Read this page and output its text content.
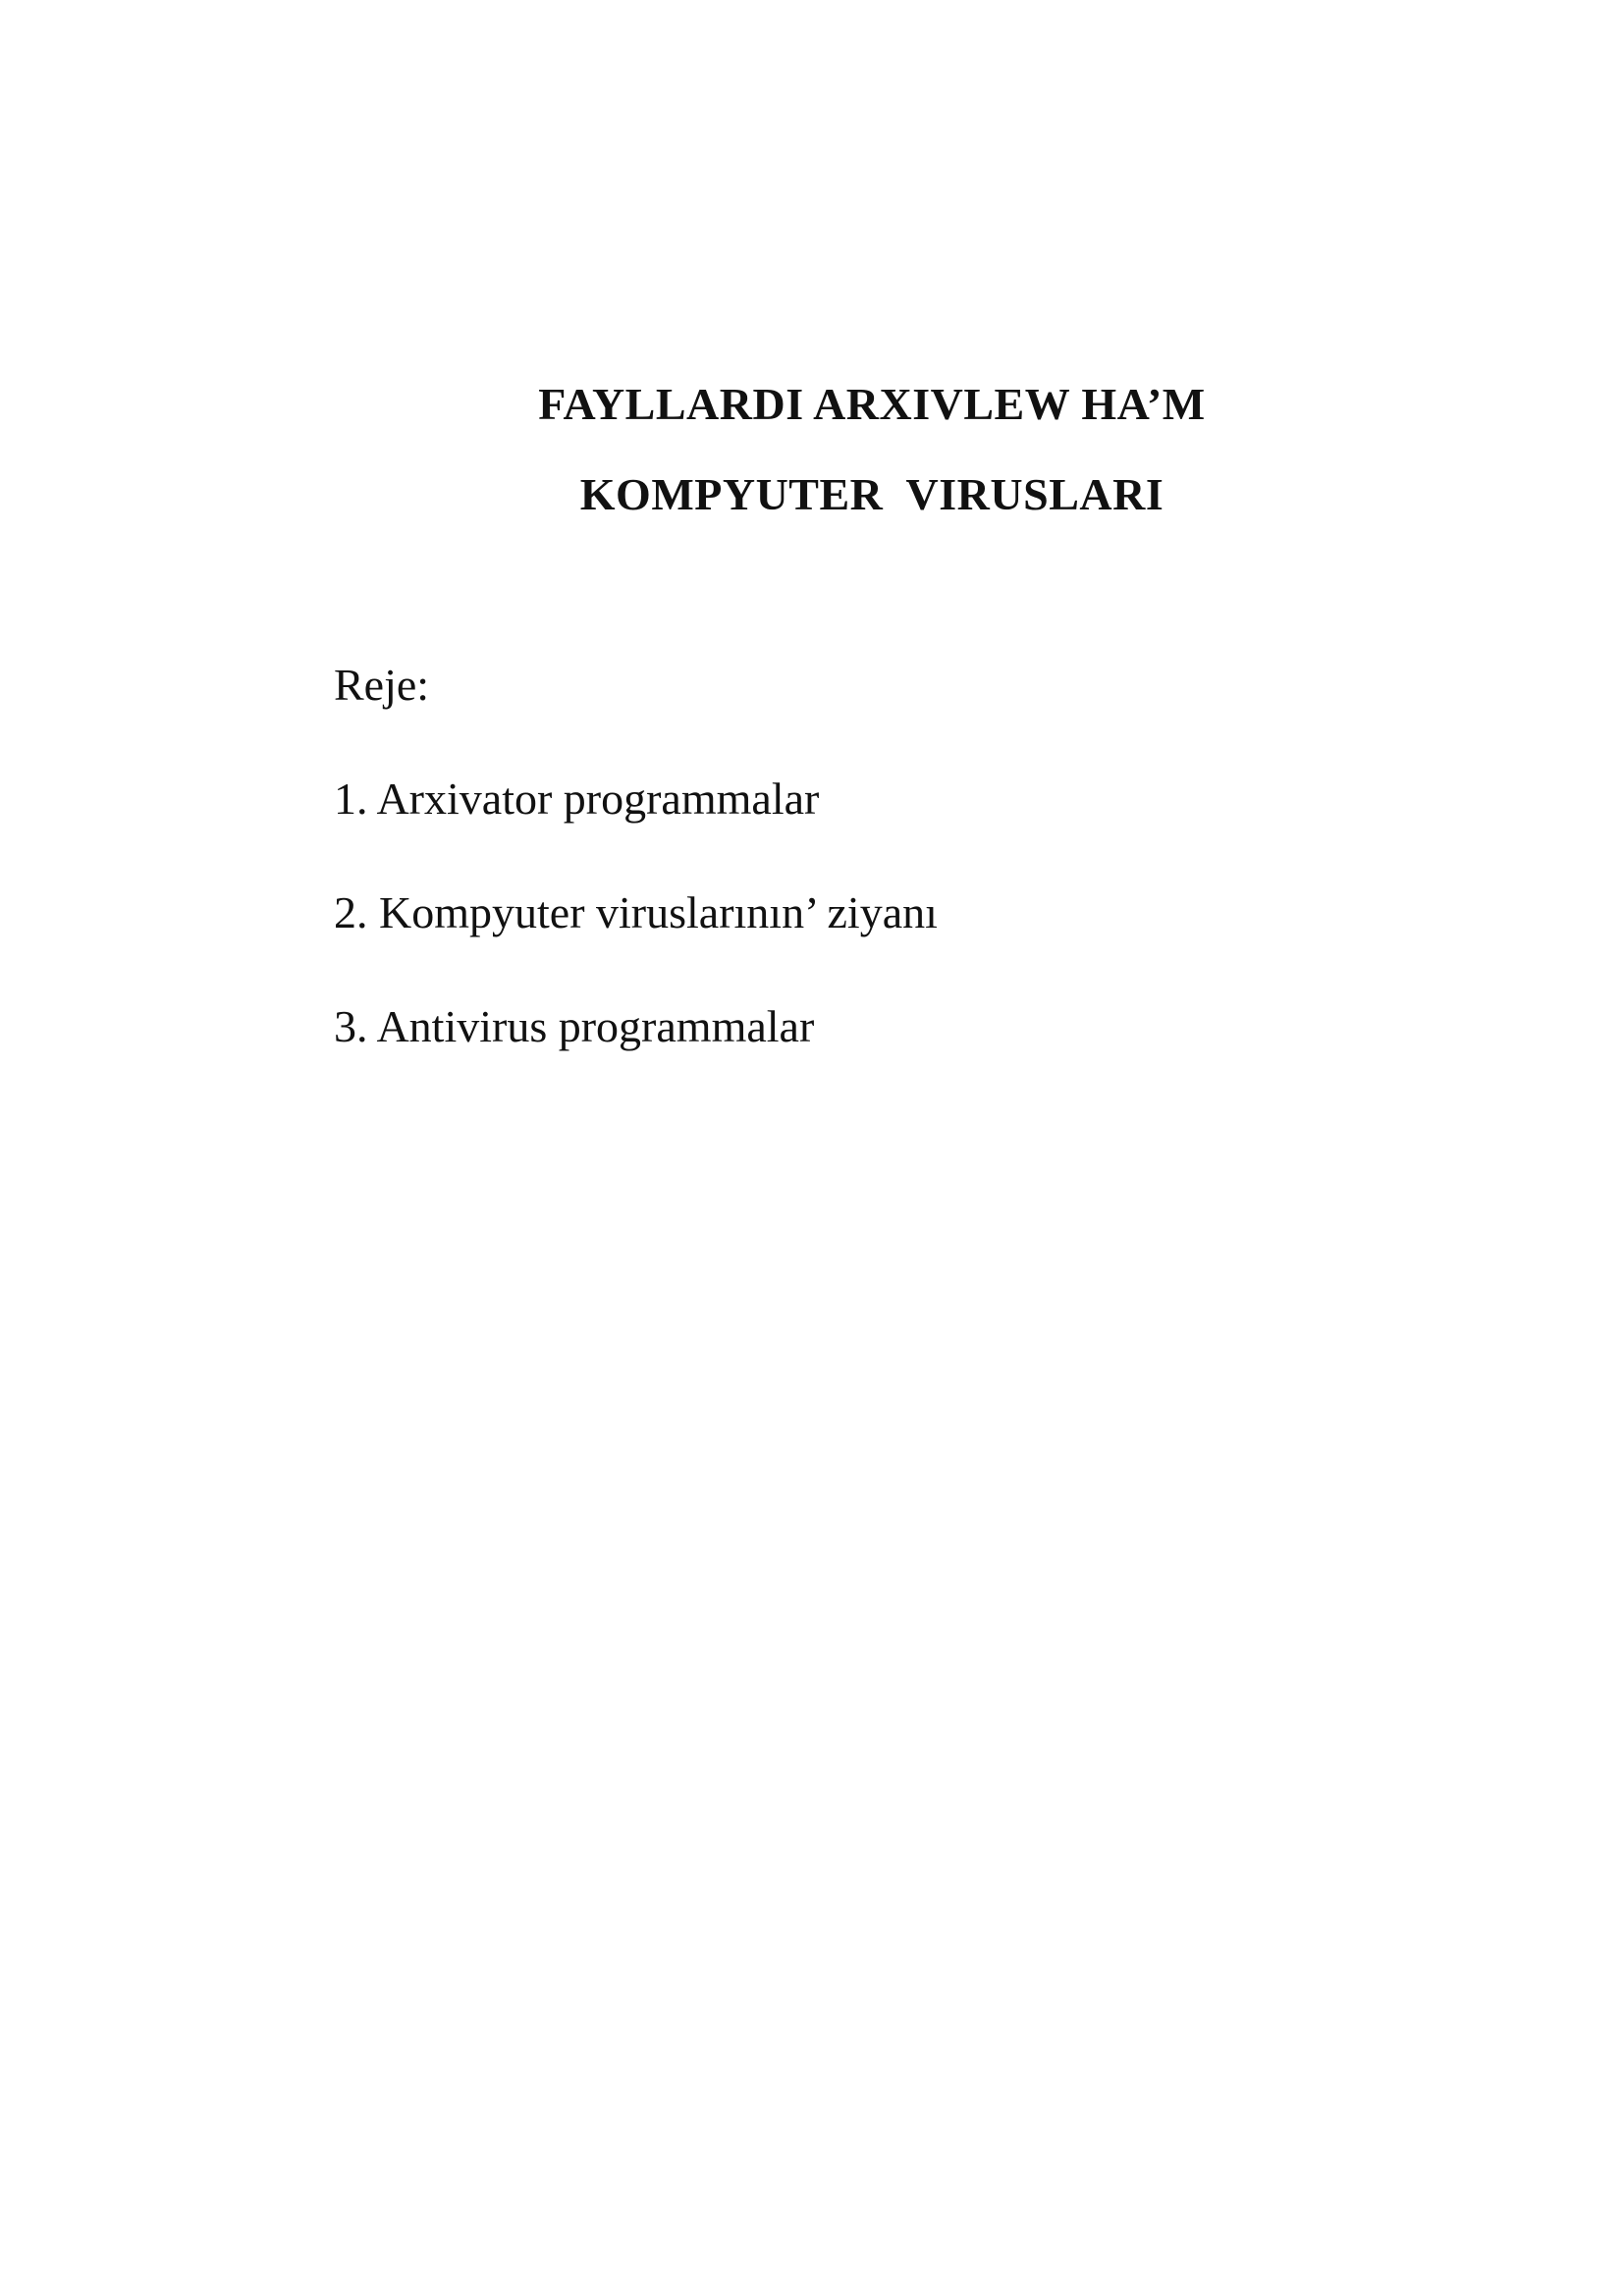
FAYLLARDI ARXIVLEW HA’M
KOMPYUTER  VIRUSLARI
Reje:
1. Arxivator programmalar
2. Kompyuter viruslarının’ ziyanı
3. Antivirus programmalar
